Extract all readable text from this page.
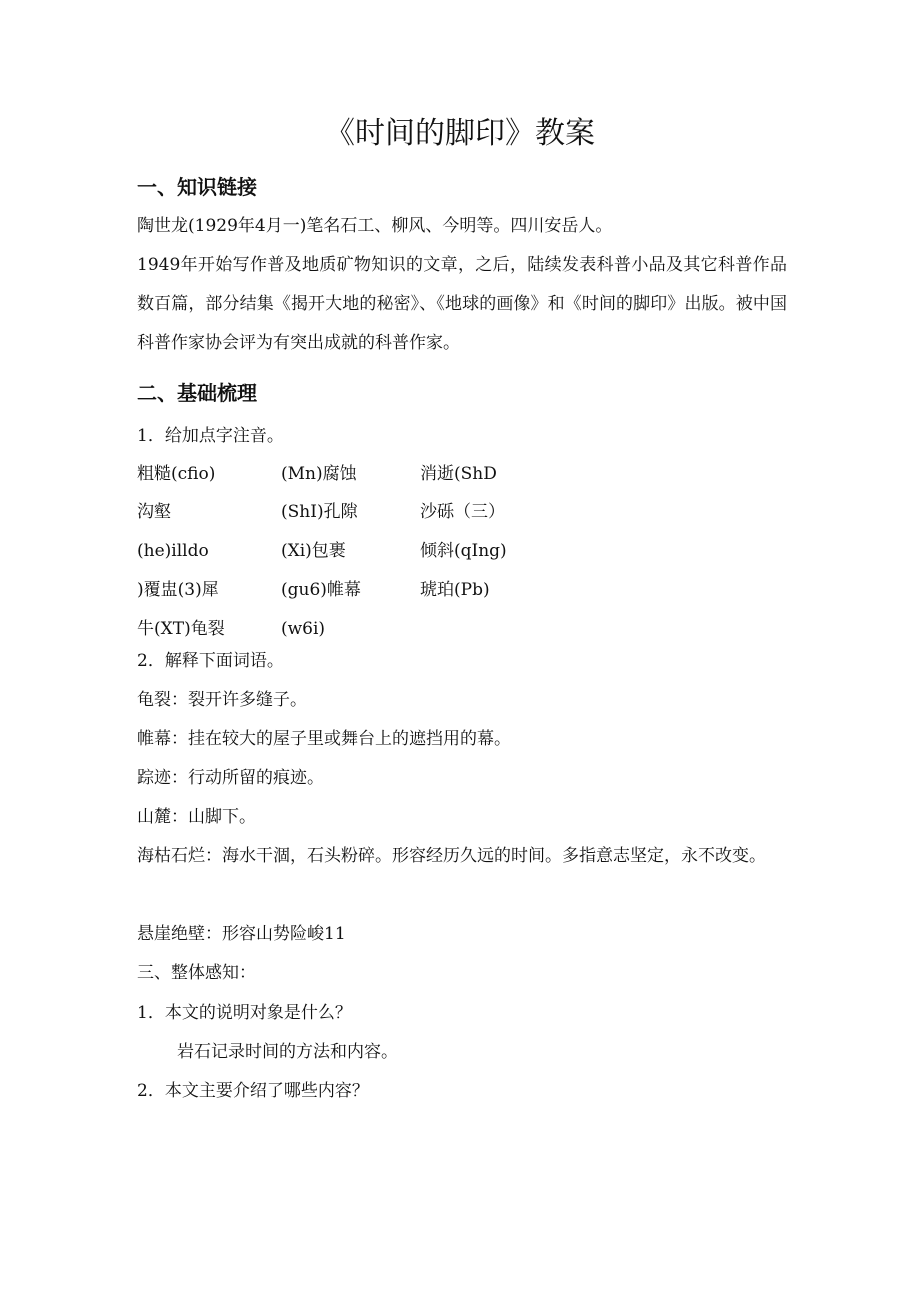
《时间的脚印》教案
一、知识链接
陶世龙(1929年4月一)笔名石工、柳风、今明等。四川安岳人。
1949年开始写作普及地质矿物知识的文章，之后，陆续发表科普小品及其它科普作品数百篇，部分结集《揭开大地的秘密》、《地球的画像》和《时间的脚印》出版。被中国科普作家协会评为有突出成就的科普作家。
二、基础梳理
1．给加点字注音。
粗糙(cfio)	(Mn)腐蚀	消逝(ShD
沟壑	(ShI)孔隙	沙砾（三）
(he)illdo	(Xi)包裹	倾斜(qIng)
)覆盅(3)犀	(gu6)帷幕	琥珀(Pb)
牛(XT)龟裂	(w6i)
2．解释下面词语。
龟裂：裂开许多缝子。
帷幕：挂在较大的屋子里或舞台上的遮挡用的幕。
踪迹：行动所留的痕迹。
山麓：山脚下。
海枯石烂：海水干涸，石头粉碎。形容经历久远的时间。多指意志坚定，永不改变。
悬崖绝壁：形容山势险峻11
三、整体感知：
1．本文的说明对象是什么？
岩石记录时间的方法和内容。
2．本文主要介绍了哪些内容？
